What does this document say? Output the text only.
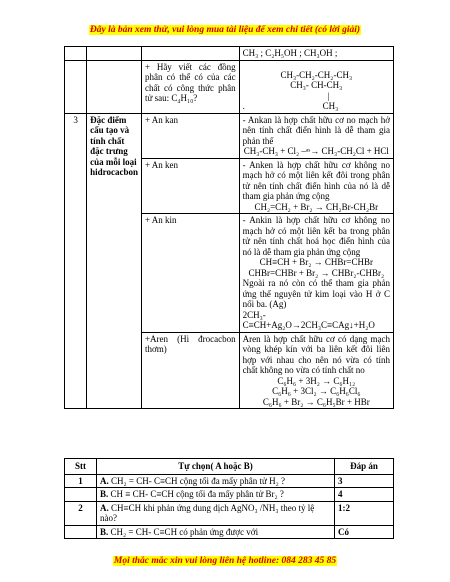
Đây là bản xem thử, vui lòng mua tài liệu để xem chi tiết (có lời giải)
			CH₃ ; C₂H₅OH ; CH₃OH ;
		+ Hãy viết các đồng phân có thể có của các chất có công thức phân tử sau: C₄H₁₀?	CH₃-CH₂-CH₂-CH₃
CH₃- CH-CH₃
|
. CH₃

3	Đặc điểm cấu tạo và tính chất đặc trưng của mỗi loại hidrocacbon	+ An kan	- Ankan là hợp chất hữu cơ no mạch hở nên tính chất điển hình là dễ tham gia phản thế
CH₃-CH₃ + Cl₂ –ᵃˢ→ CH₃-CH₂Cl + HCl

		+ An ken	- Anken là hợp chất hữu cơ không no mạch hở có một liên kết đôi trong phân tử nên tính chất điển hình của nó là dễ tham gia phản ứng cộng
CH₂=CH₂ + Br₂ → CH₂Br-CH₂Br

		+ An kin	- Ankin là hợp chất hữu cơ không no mạch hở có một liên kết ba trong phân tử nên tính chất hoá học điển hình của nó là dễ tham gia phản ứng cộng
CH≡CH + Br₂ → CHBr=CHBr
CHBr=CHBr + Br₂ → CHBr₂-CHBr₂
Ngoài ra nó còn có thể tham gia phản ứng thế nguyên tử kim loại vào H ở C nối ba. (Ag)
2CH₃-C≡CH+Ag₂O→2CH₃C≡CAg↓+H₂O

		+Aren (Hi đrocacbon thơm)	Aren là hợp chất hữu cơ có dạng mạch vòng khép kín với ba liên kết đôi liên hợp với nhau cho nên nó vừa có tính chất không no vừa có tính chất no
C₆H₆ + 3H₂ → C₆H₁₂
C₆H₆ + 3Cl₂ → C₆H₆Cl₆
C₆H₆ + Br₂ → C₆H₅Br + HBr
Stt	Tự chọn( A hoặc B)	Đáp án
1	A. CH₂ = CH- C≡CH cộng tối đa mấy phân tử H₂ ?	3
	B. CH ≡ CH- C≡CH cộng tối đa mấy phân tử Br₂ ?	4
2	A. CH≡CH khi phản ứng dung dịch AgNO₃ /NH₃ theo tỷ lệ nào?	1:2
	B. CH₂ = CH- C≡CH có phản ứng được với	Có
Mọi thắc mắc xin vui lòng liên hệ hotline: 084 283 45 85
